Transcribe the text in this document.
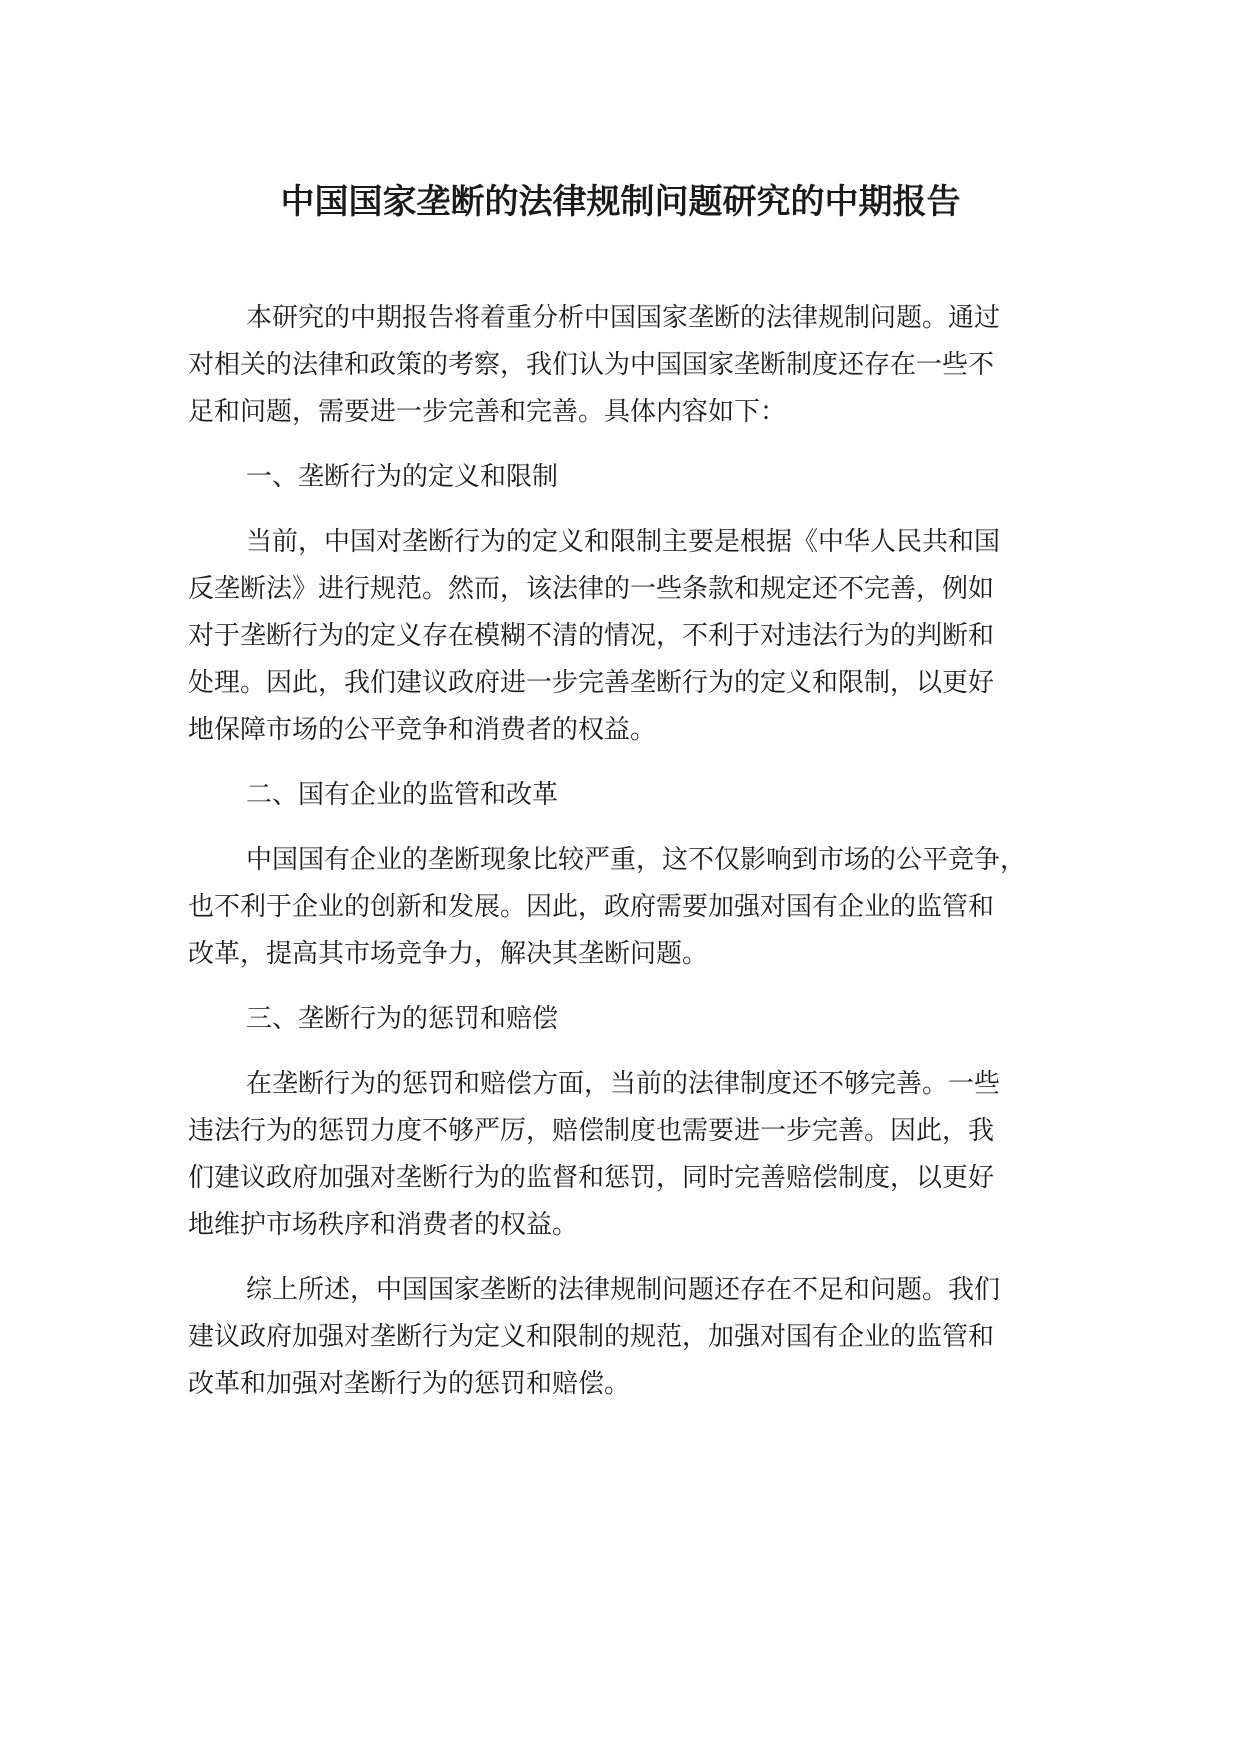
中国国家垄断的法律规制问题研究的中期报告

本研究的中期报告将着重分析中国国家垄断的法律规制问题。通过
对相关的法律和政策的考察，我们认为中国国家垄断制度还存在一些不
足和问题，需要进一步完善和完善。具体内容如下：

一、垄断行为的定义和限制

当前，中国对垄断行为的定义和限制主要是根据《中华人民共和国
反垄断法》进行规范。然而，该法律的一些条款和规定还不完善，例如
对于垄断行为的定义存在模糊不清的情况，不利于对违法行为的判断和
处理。因此，我们建议政府进一步完善垄断行为的定义和限制，以更好
地保障市场的公平竞争和消费者的权益。

二、国有企业的监管和改革

中国国有企业的垄断现象比较严重，这不仅影响到市场的公平竞争，
也不利于企业的创新和发展。因此，政府需要加强对国有企业的监管和
改革，提高其市场竞争力，解决其垄断问题。

三、垄断行为的惩罚和赔偿

在垄断行为的惩罚和赔偿方面，当前的法律制度还不够完善。一些
违法行为的惩罚力度不够严厉，赔偿制度也需要进一步完善。因此，我
们建议政府加强对垄断行为的监督和惩罚，同时完善赔偿制度，以更好
地维护市场秩序和消费者的权益。

综上所述，中国国家垄断的法律规制问题还存在不足和问题。我们
建议政府加强对垄断行为定义和限制的规范，加强对国有企业的监管和
改革和加强对垄断行为的惩罚和赔偿。
